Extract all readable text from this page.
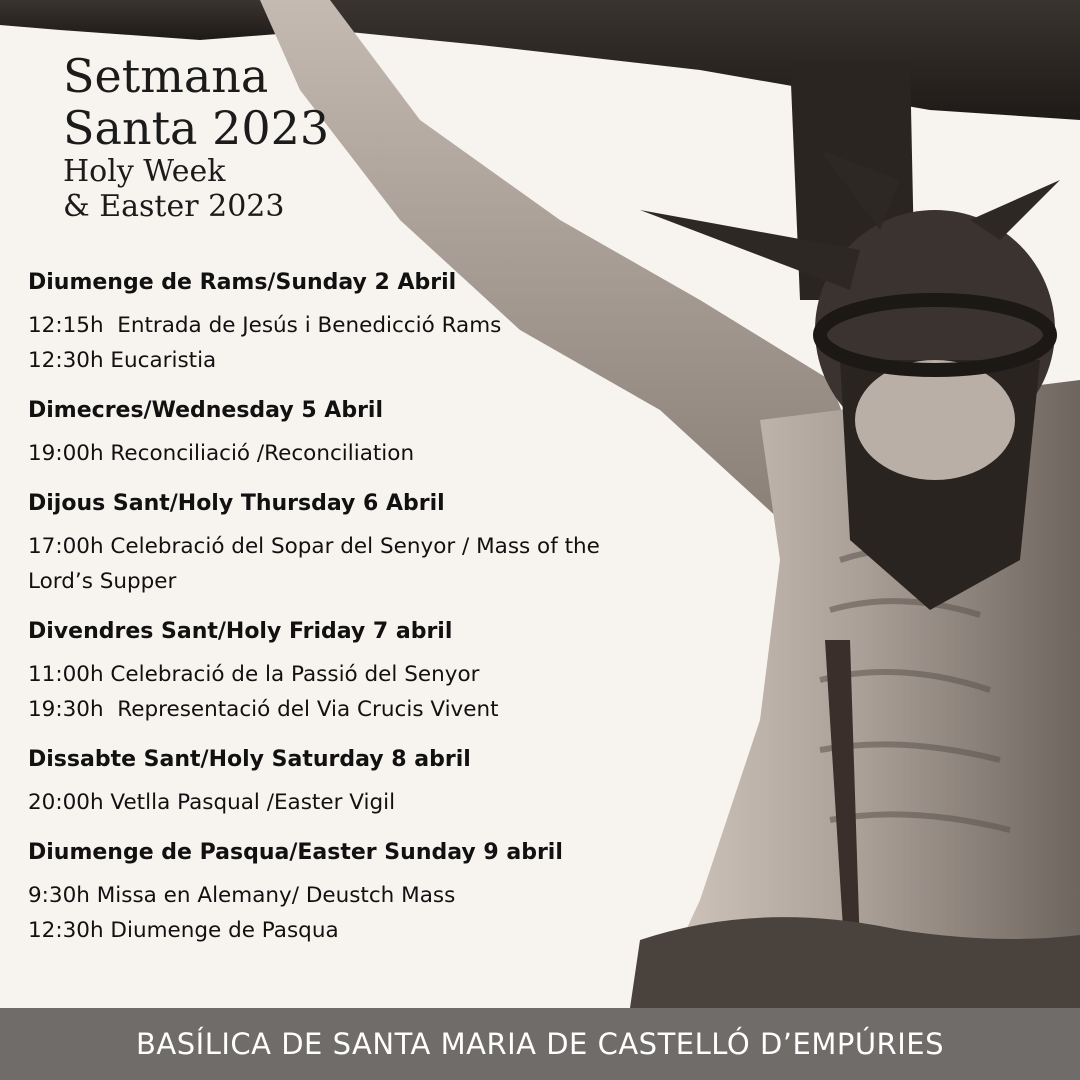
Setmana
Santa 2023
Holy Week
& Easter 2023
Diumenge de Rams/Sunday 2 Abril
12:15h  Entrada de Jesús i Benedicció Rams
12:30h Eucaristia
Dimecres/Wednesday 5 Abril
19:00h Reconciliació /Reconciliation
Dijous Sant/Holy Thursday 6 Abril
17:00h Celebració del Sopar del Senyor / Mass of the Lord’s Supper
Divendres Sant/Holy Friday 7 abril
11:00h Celebració de la Passió del Senyor
19:30h  Representació del Via Crucis Vivent
Dissabte Sant/Holy Saturday 8 abril
20:00h Vetlla Pasqual /Easter Vigil
Diumenge de Pasqua/Easter Sunday 9 abril
9:30h Missa en Alemany/ Deustch Mass
12:30h Diumenge de Pasqua
BASÍLICA DE SANTA MARIA DE CASTELLÓ D’EMPÚRIES
